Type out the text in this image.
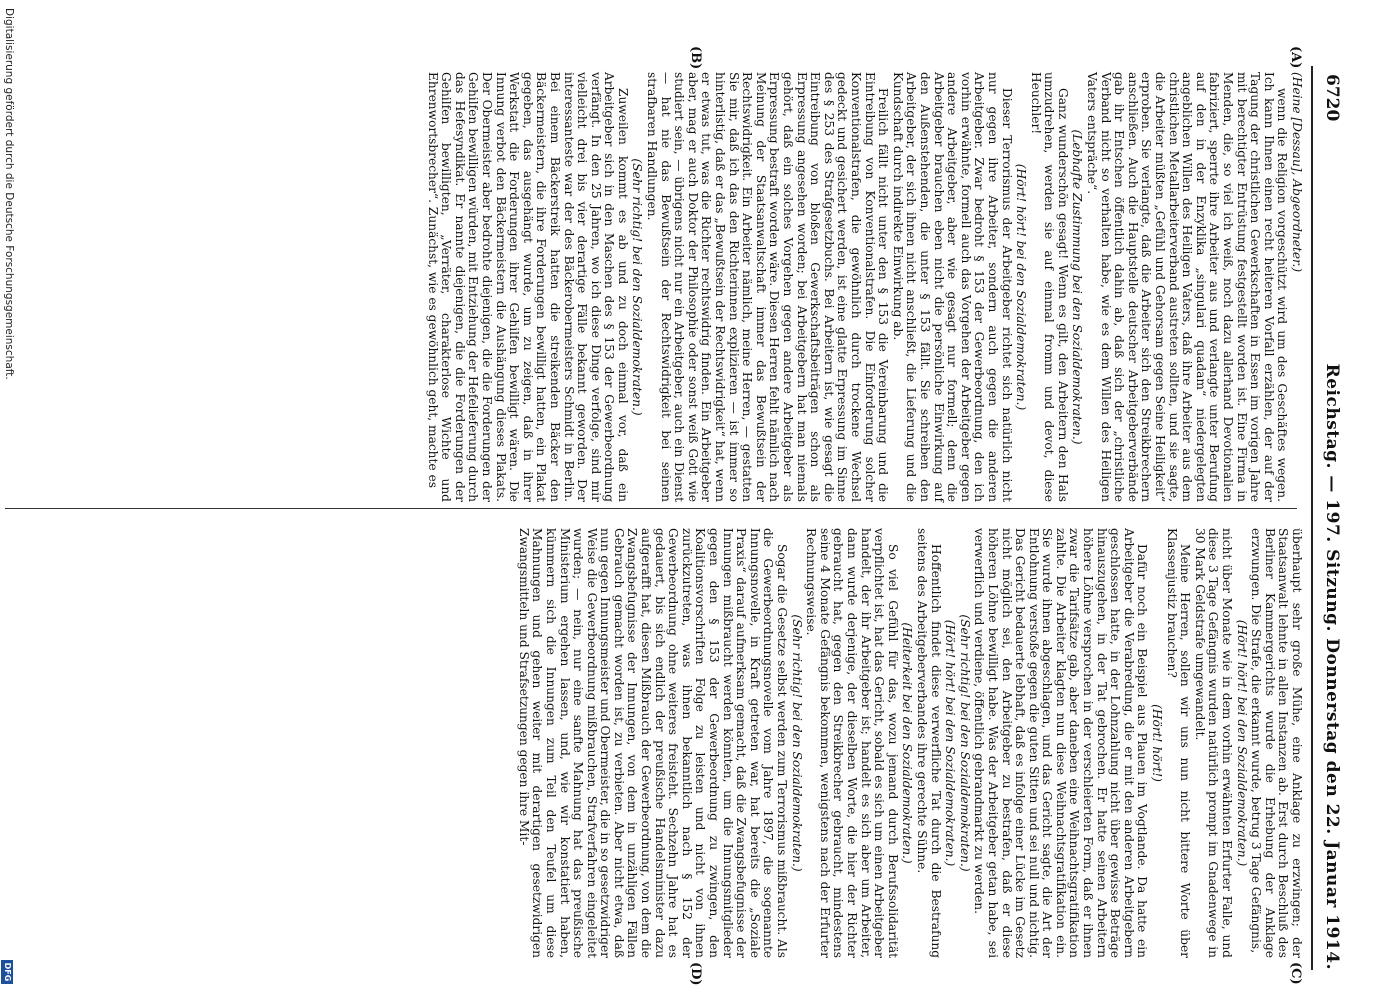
6720
Reichstag. — 197. Sitzung. Donnerstag den 22. Januar 1914.
(A)
(B)
(C)
(D)

(Heine [Dessau], Abgeordneter.)

wenn die Religion vorgeschützt wird um des Geschäftes wegen. Ich kann Ihnen einen recht heiteren Vorfall erzählen, der auf der Tagung der christlichen Gewerkschaften in Essen im vorigen Jahre mit berechtigter Entrüstung festgestellt worden ist. Eine Firma in Menden, die, so viel ich weiß, noch dazu allerhand Devotionalien fabriziert, sperrte ihre Arbeiter aus und verlangte unter Berufung auf den in der Enzyklika „singulari quadam“ niedergelegten angeblichen Willen des Heiligen Vaters, daß ihre Arbeiter aus dem christlichen Metallarbeiterverband austreten sollten, und sie sagte, die Arbeiter müßten „Gefühl und Gehorsam gegen Seine Heiligkeit“ erproben. Sie verlangte, daß die Arbeiter sich den Streikbrechern anschließen. Auch die Hauptstelle deutscher Arbeitgeberverbände gab ihr Entschen öffentlich dahin ab, daß sich der „christliche Verband nicht so verhalten habe, wie es dem Willen des Heiligen Vaters entspräche“.

(Lebhafte Zustimmung bei den Sozialdemokraten.)

Ganz wunderschön gesagt! Wenn es gilt, den Arbeitern den Hals umzudrehen, werden sie auf einmal fromm und devot, diese Heuchler!

(Hört! hört! bei den Sozialdemokraten.)

Dieser Terrorismus der Arbeitgeber richtet sich natürlich nicht nur gegen ihre Arbeiter, sondern auch gegen die anderen Arbeitgeber. Zwar bedroht § 153 der Gewerbeordnung, den ich vorhin erwähnte, formell auch das Vorgehen der Arbeitgeber gegen andere Arbeitgeber, aber wie gesagt nur formell; denn die Arbeitgeber brauchen eben nicht die persönliche Einwirkung auf den Außenstehenden, die unter § 153 fällt. Sie schreiben den Arbeitgeber, der sich ihnen nicht anschließt, die Lieferung und die Kundschaft durch indirekte Einwirkung ab.

Freilich fällt nicht unter den § 153 die Vereinbarung und die Eintreibung von Konventionalstrafen. Die Einforderung solcher Konventionalstrafen, die gewöhnlich durch trockene Wechsel gedeckt und gesichert werden, ist eine glatte Erpressung im Sinne des § 253 des Strafgesetzbuchs. Bei Arbeitern ist, wie gesagt die Eintreibung von bloßen Gewerkschaftsbeiträgen schon als Erpressung angesehen worden; bei Arbeitgebern hat man niemals gehört, daß ein solches Vorgehen gegen andere Arbeitgeber als Erpressung bestraft worden wäre. Diesen Herren fehlt nämlich nach Meinung der Staatsanwaltschaft immer das Bewußtsein der Rechtswidrigkeit. Ein Arbeiter nämlich, meine Herren, — gestatten Sie mir, daß ich das den Richterinnen explizieren — ist immer so hinterlistig, daß er das „Bewußtsein der Rechtswidrigkeit“ hat, wenn er etwas tut, was die Richter rechtswidrig finden. Ein Arbeitgeber aber, mag er auch Doktor der Philosophie oder sonst weiß Gott wie studiert sein, — übrigens nicht nur ein Arbeitgeber, auch ein Dienst — hat nie das Bewußtsein der Rechtswidrigkeit bei seinen strafbaren Handlungen.

(Sehr richtig! bei den Sozialdemokraten.)

Zuweilen kommt es ab und zu doch einmal vor, daß ein Arbeitgeber sich in den Maschen des § 153 der Gewerbeordnung verfängt. In den 25 Jahren, wo ich diese Dinge verfolge, sind mir vielleicht drei bis vier derartige Fälle bekannt geworden. Der interessanteste war der des Bäckerobermeisters Schmidt in Berlin. Bei einem Bäckerstreik hatten die streikenden Bäcker den Bäckermeistern, die ihre Forderungen bewilligt hatten, ein Plakat gegeben, das ausgehängt wurde, um zu zeigen, daß in ihrer Werkstatt die Forderungen ihrer Gehilfen bewilligt wären. Die Innung verbot den Bäckermeistern die Aushängung dieses Plakats. Der Obermeister aber bedrohte diejenigen, die die Forderungen der Gehilfen bewilligen würden, mit Entziehung der Hefelieferung durch das Hefesyndikat. Er nannte diejenigen, die die Forderungen der Gehilfen bewilligten, „Verräter, charakterlose Wichte und Ehrenwortsbrecher“. Zunächst, wie es gewöhnlich geht, machte es

überhaupt sehr große Mühe, eine Anklage zu erzwingen; der Staatsanwalt lehnte in allen Instanzen ab. Erst durch Beschluß des Berliner Kammergerichts wurde die Erhebung der Anklage erzwungen. Die Strafe, die erkannt wurde, betrug 3 Tage Gefängnis,

(Hört! hört! bei den Sozialdemokraten.)

nicht über Monate wie in dem vorhin erwähnten Erfurter Falle, und diese 3 Tage Gefängnis wurden natürlich prompt im Gnadenwege in 30 Mark Geldstrafe umgewandelt.

Meine Herren, sollen wir uns nun nicht bittere Worte über Klassenjustiz brauchen?

(Hört! hört!)

Dafür noch ein Beispiel aus Plauen im Vogtlande. Da hatte ein Arbeitgeber die Verabredung, die er mit den anderen Arbeitgebern geschlossen hatte, in der Lohnzahlung nicht über gewisse Beträge hinauszugehen, in der Tat gebrochen. Er hatte seinen Arbeitern höhere Löhne versprochen in der verschleierten Form, daß er ihnen zwar die Tarifsätze gab, aber daneben eine Weihnachtsgratifikation zahlte. Die Arbeiter klagten nun diese Weihnachtsgratifikation ein. Sie wurde ihnen abgeschlagen, und das Gericht sagte, die Art der Entlohnung verstoße gegen die guten Sitten und sei null und nichtig. Das Gericht bedauerte lebhaft, daß es infolge einer Lücke im Gesetz nicht möglich sei, den Arbeitgeber zu bestrafen, daß er diese höheren Löhne bewilligt habe. Was der Arbeitgeber getan habe, sei verwerflich und verdiene, öffentlich gebrandmarkt zu werden.

(Sehr richtig! bei den Sozialdemokraten.)

(Hört! hört! bei den Sozialdemokraten.)

Hoffentlich findet diese verwerfliche Tat durch die Bestrafung seitens des Arbeitgeberverbandes ihre gerechte Sühne.

(Heiterkeit bei den Sozialdemokraten.)

So viel Gefühl für das, wozu jemand durch Berufssolidarität verpflichtet ist, hat das Gericht, sobald es sich um einen Arbeitgeber handelt, der ihr Arbeitgeber ist; handelt es sich aber um Arbeiter, dann wurde derjenige, der dieselben Worte, die hier der Richter gebraucht hat, gegen den Streikbrecher gebraucht, mindestens seine 4 Monate Gefängnis bekommen, wenigstens nach der Erfurter Rechnungsweise.

(Sehr richtig! bei den Sozialdemokraten.)

Sogar die Gesetze selbst werden zum Terrorismus mißbraucht. Als die Gewerbeordnungsnovelle vom Jahre 1897, die sogenannte Innungsnovelle, in Kraft getreten war, hat bereits die „Soziale Praxis“ darauf aufmerksam gemacht, daß die Zwangsbefugnisse der Innungen mißbraucht werden könnten, um die Innungsmitglieder gegen den § 153 der Gewerbeordnung zu zwingen, den Koalitionsvorschriften Folge zu leisten und nicht von ihnen zurückzutreten, was ihnen bekanntlich nach § 152 der Gewerbeordnung ohne weiteres freisteht. Sechzehn Jahre hat es gedauert, bis sich endlich der preußische Handelsminister dazu aufgerafft hat, diesen Mißbrauch der Gewerbeordnung, von dem die Zwangsbefugnisse der Innungen, von dem in unzähligen Fällen Gebrauch gemacht worden ist, zu verbieten. Aber nicht etwa, daß nun gegen Innungsmeister und Obermeister, die in so gesetzwidriger Weise die Gewerbeordnung mißbrauchen, Strafverfahren eingeleitet wurden; — nein, nur eine sanfte Mahnung hat das preußische Ministerium ergehen lassen, und, wie wir konstatiert haben, kümmern sich die Innungen zum Teil den Teufel um diese Mahnungen und gehen weiter mit derartigen gesetzwidrigen Zwangsmitteln und Strafsetzungen gegen ihre Mit-

Digitalisierung gefördert durch die Deutsche Forschungsgemeinschaft.
DFG
